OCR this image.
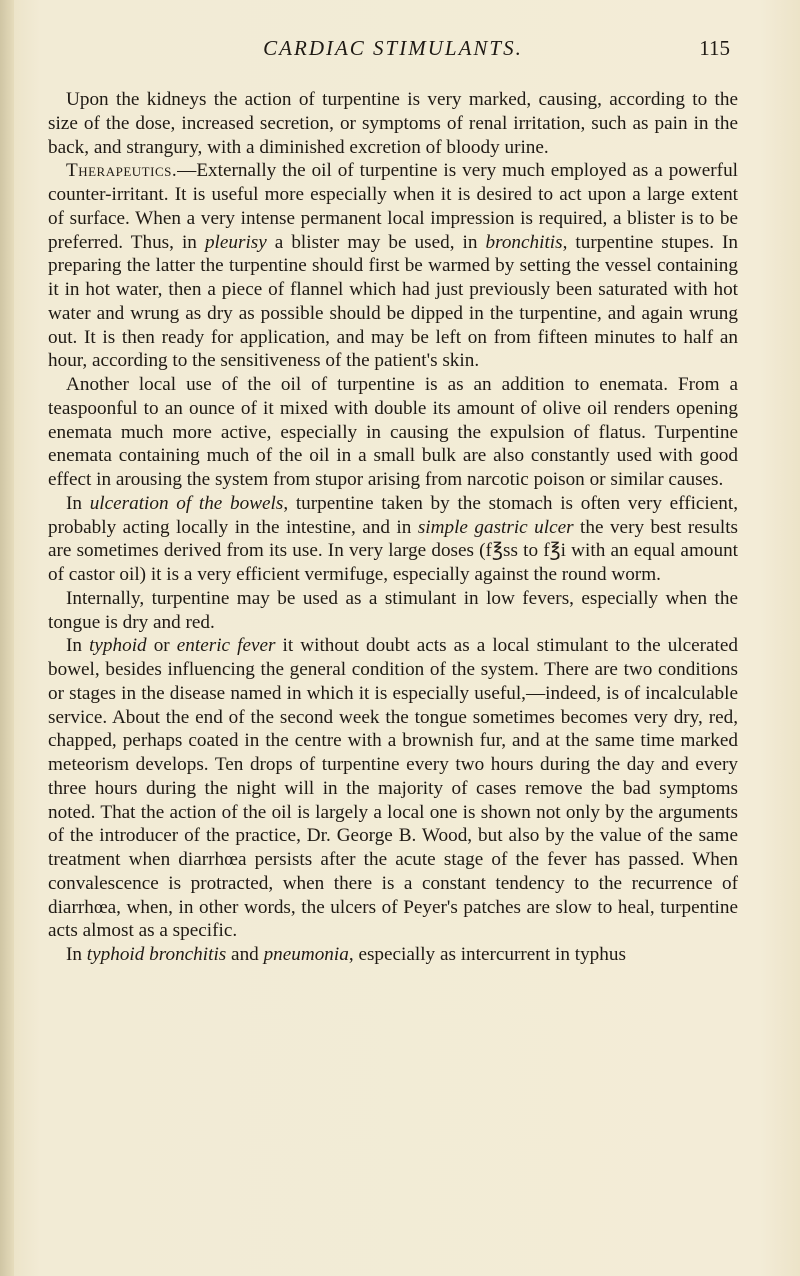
CARDIAC STIMULANTS.	115

Upon the kidneys the action of turpentine is very marked, causing, according to the size of the dose, increased secretion, or symptoms of renal irritation, such as pain in the back, and strangury, with a diminished excretion of bloody urine.

Therapeutics.—Externally the oil of turpentine is very much employed as a powerful counter-irritant. It is useful more especially when it is desired to act upon a large extent of surface. When a very intense permanent local impression is required, a blister is to be preferred. Thus, in pleurisy a blister may be used, in bronchitis, turpentine stupes. In preparing the latter the turpentine should first be warmed by setting the vessel containing it in hot water, then a piece of flannel which had just previously been saturated with hot water and wrung as dry as possible should be dipped in the turpentine, and again wrung out. It is then ready for application, and may be left on from fifteen minutes to half an hour, according to the sensitiveness of the patient's skin.

Another local use of the oil of turpentine is as an addition to enemata. From a teaspoonful to an ounce of it mixed with double its amount of olive oil renders opening enemata much more active, especially in causing the expulsion of flatus. Turpentine enemata containing much of the oil in a small bulk are also constantly used with good effect in arousing the system from stupor arising from narcotic poison or similar causes.

In ulceration of the bowels, turpentine taken by the stomach is often very efficient, probably acting locally in the intestine, and in simple gastric ulcer the very best results are sometimes derived from its use. In very large doses (f℥ss to f℥i with an equal amount of castor oil) it is a very efficient vermifuge, especially against the round worm.

Internally, turpentine may be used as a stimulant in low fevers, especially when the tongue is dry and red.

In typhoid or enteric fever it without doubt acts as a local stimulant to the ulcerated bowel, besides influencing the general condition of the system. There are two conditions or stages in the disease named in which it is especially useful,—indeed, is of incalculable service. About the end of the second week the tongue sometimes becomes very dry, red, chapped, perhaps coated in the centre with a brownish fur, and at the same time marked meteorism develops. Ten drops of turpentine every two hours during the day and every three hours during the night will in the majority of cases remove the bad symptoms noted. That the action of the oil is largely a local one is shown not only by the arguments of the introducer of the practice, Dr. George B. Wood, but also by the value of the same treatment when diarrhœa persists after the acute stage of the fever has passed. When convalescence is protracted, when there is a constant tendency to the recurrence of diarrhœa, when, in other words, the ulcers of Peyer's patches are slow to heal, turpentine acts almost as a specific.

In typhoid bronchitis and pneumonia, especially as intercurrent in typhus
